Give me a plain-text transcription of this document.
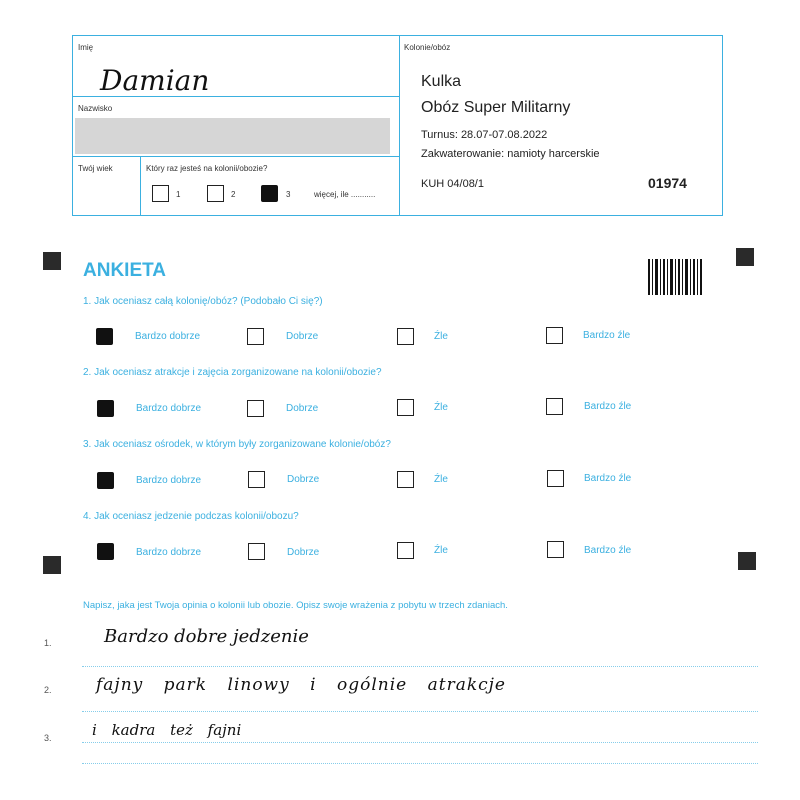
Imię
Damian
Nazwisko
Twój wiek	Który raz jesteś na kolonii/obozie?
1	2	3	więcej, ile ...........
Kolonie/obóz
Kulka
Obóz Super Militarny
Turnus: 28.07-07.08.2022
Zakwaterowanie: namioty harcerskie
KUH 04/08/1	01974
ANKIETA
1. Jak oceniasz całą kolonię/obóz? (Podobało Ci się?)
Bardzo dobrze	Dobrze	Źle	Bardzo źle
2. Jak oceniasz atrakcje i zajęcia zorganizowane na kolonii/obozie?
Bardzo dobrze	Dobrze	Źle	Bardzo źle
3. Jak oceniasz ośrodek, w którym były zorganizowane kolonie/obóz?
Bardzo dobrze	Dobrze	Źle	Bardzo źle
4. Jak oceniasz jedzenie podczas kolonii/obozu?
Bardzo dobrze	Dobrze	Źle	Bardzo źle
Napisz, jaka jest Twoja opinia o kolonii lub obozie. Opisz swoje wrażenia z pobytu w trzech zdaniach.
1.	Bardzo dobre jedzenie
2.	fajny park linowy i ogólnie atrakcje
3.	i kadra też fajni
